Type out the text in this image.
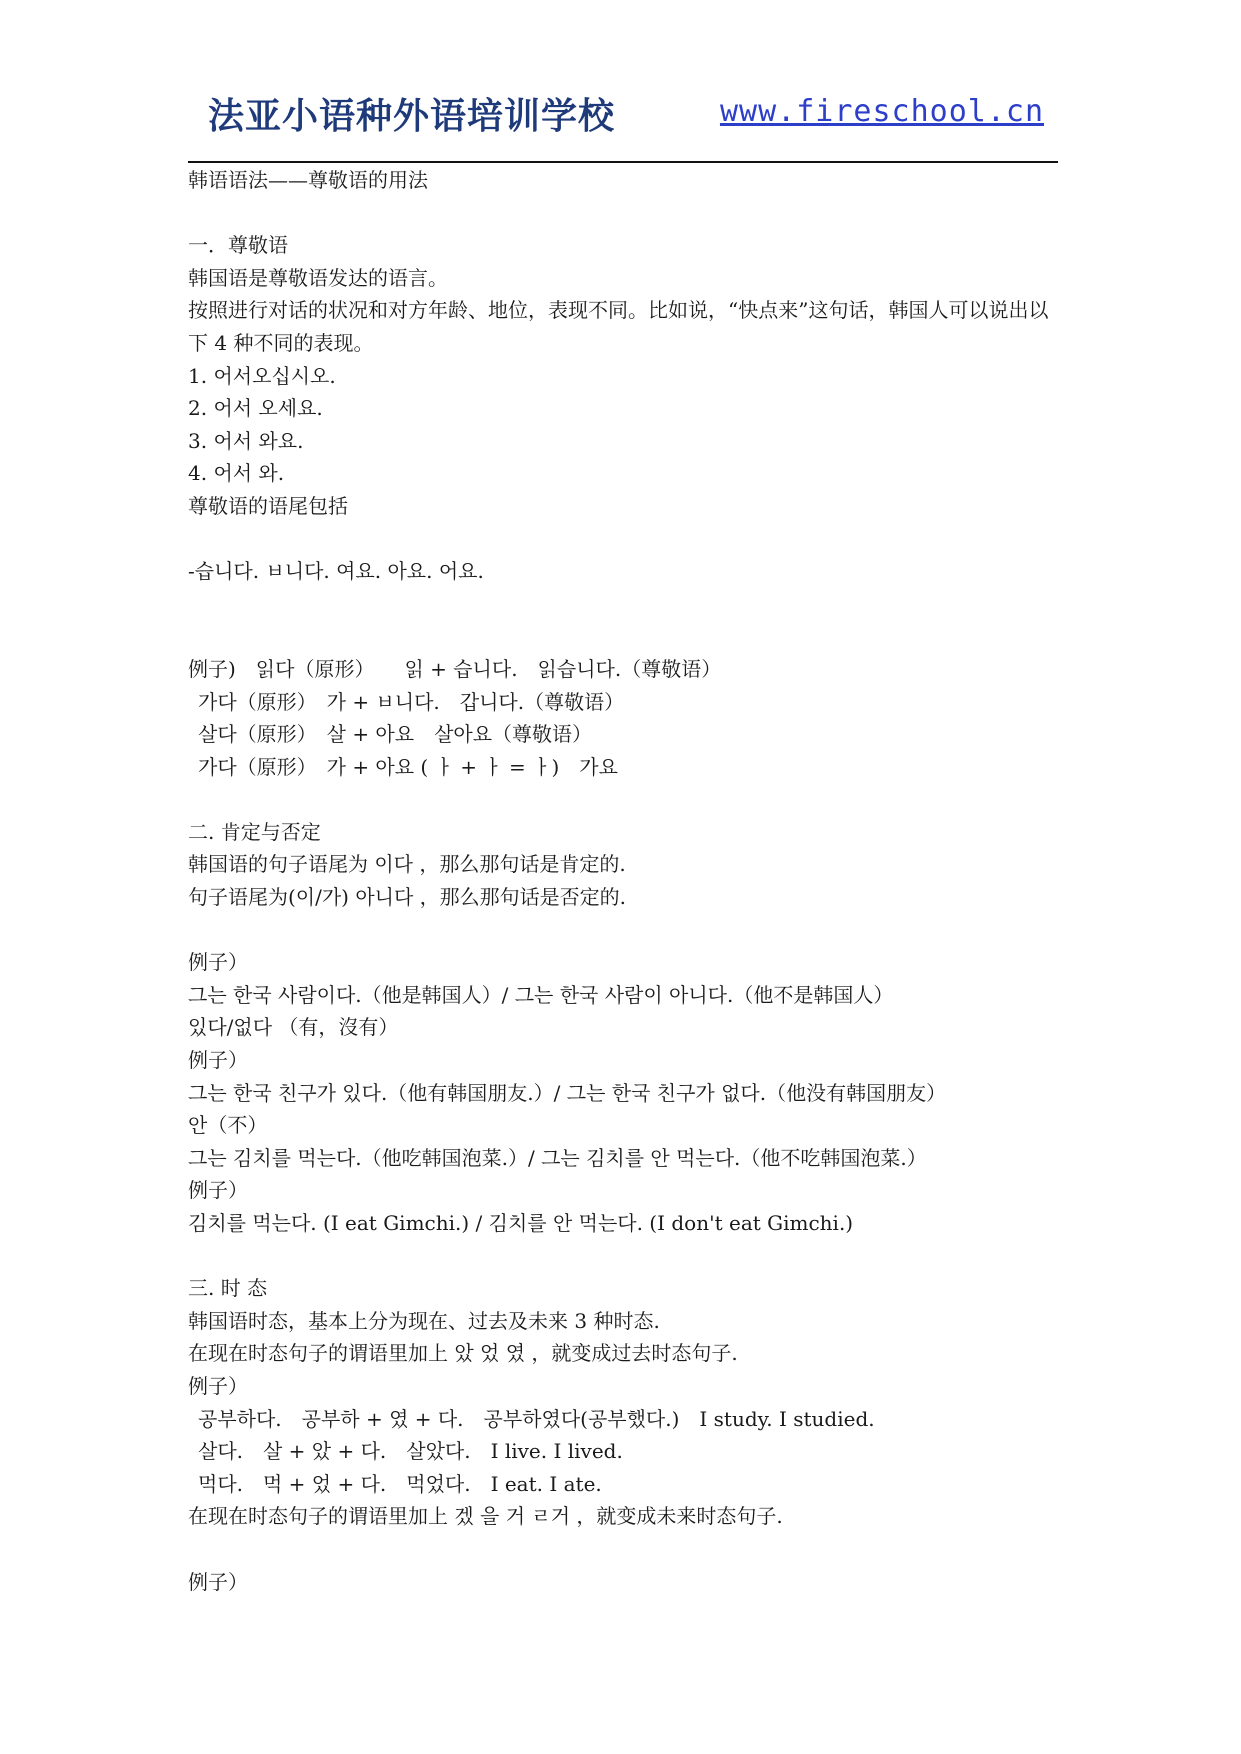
法亚小语种外语培训学校	www.fireschool.cn
韩语语法——尊敬语的用法
一．尊敬语
韩国语是尊敬语发达的语言。
按照进行对话的状况和对方年龄、地位，表现不同。比如说，“快点来”这句话，韩国人可以说出以下 4 种不同的表现。
1. 어서오십시오.
2. 어서 오세요.
3. 어서 와요.
4. 어서 와.
尊敬语的语尾包括
-습니다. ㅂ니다. 여요. 아요. 어요.
例子)　읽다（原形）　　읽 + 습니다.　읽습니다.（尊敬语）
가다（原形）　가 + ㅂ니다.　갑니다.（尊敬语）
살다（原形）　살 + 아요　살아요（尊敬语）
가다（原形）　가 + 아요 ( ㅏ + ㅏ = ㅏ)　가요
二. 肯定与否定
韩国语的句子语尾为 이다 ，那么那句话是肯定的.
句子语尾为(이/가) 아니다 ，那么那句话是否定的.
例子）
그는 한국 사람이다.（他是韩国人）/ 그는 한국 사람이 아니다.（他不是韩国人）
있다/없다 （有，沒有）
例子）
그는 한국 친구가 있다.（他有韩国朋友.）/ 그는 한국 친구가 없다.（他没有韩国朋友）
안（不）
그는 김치를 먹는다.（他吃韩国泡菜.）/ 그는 김치를 안 먹는다.（他不吃韩国泡菜.）
例子）
김치를 먹는다. (I eat Gimchi.) / 김치를 안 먹는다. (I don't eat Gimchi.)
三. 时 态
韩国语时态，基本上分为现在、过去及未来 3 种时态.
在现在时态句子的谓语里加上 았 었 였 ，就变成过去时态句子.
例子）
공부하다.　공부하 + 였 + 다.　공부하였다(공부했다.)　I study. I studied.
살다.　살 + 았 + 다.　살았다.　I live. I lived.
먹다.　먹 + 었 + 다.　먹었다.　I eat. I ate.
在现在时态句子的谓语里加上 겠 을 거 ㄹ거 ，就变成未来时态句子.
例子）
